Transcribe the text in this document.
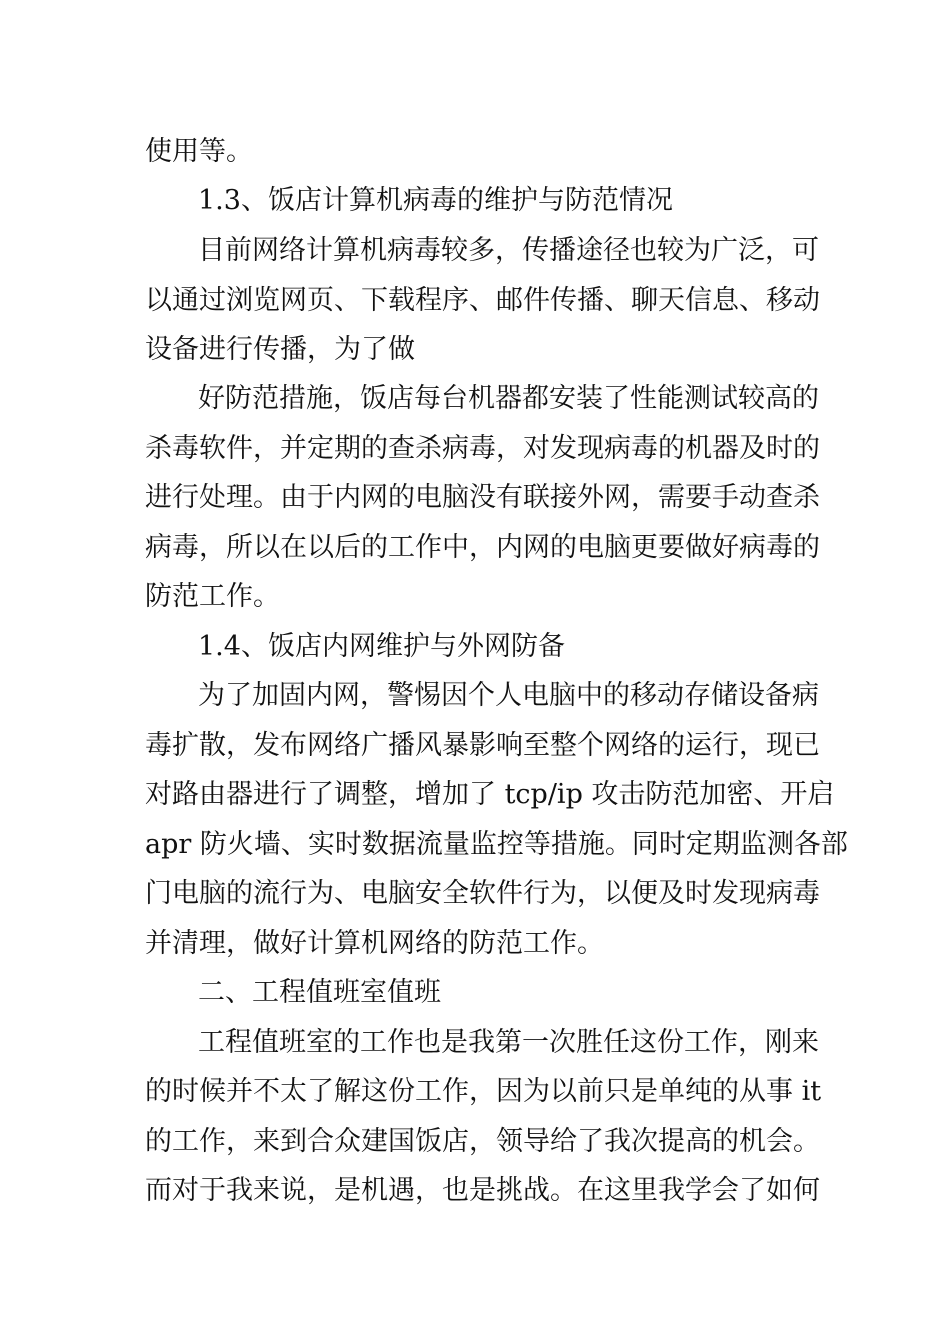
使用等。
1.3、饭店计算机病毒的维护与防范情况
目前网络计算机病毒较多，传播途径也较为广泛，可
以通过浏览网页、下载程序、邮件传播、聊天信息、移动
设备进行传播，为了做
好防范措施，饭店每台机器都安装了性能测试较高的
杀毒软件，并定期的查杀病毒，对发现病毒的机器及时的
进行处理。由于内网的电脑没有联接外网，需要手动查杀
病毒，所以在以后的工作中，内网的电脑更要做好病毒的
防范工作。
1.4、饭店内网维护与外网防备
为了加固内网，警惕因个人电脑中的移动存储设备病
毒扩散，发布网络广播风暴影响至整个网络的运行，现已
对路由器进行了调整，增加了 tcp/ip 攻击防范加密、开启
apr 防火墙、实时数据流量监控等措施。同时定期监测各部
门电脑的流行为、电脑安全软件行为，以便及时发现病毒
并清理，做好计算机网络的防范工作。
二、工程值班室值班
工程值班室的工作也是我第一次胜任这份工作，刚来
的时候并不太了解这份工作，因为以前只是单纯的从事 it
的工作，来到合众建国饭店，领导给了我次提高的机会。
而对于我来说，是机遇，也是挑战。在这里我学会了如何
